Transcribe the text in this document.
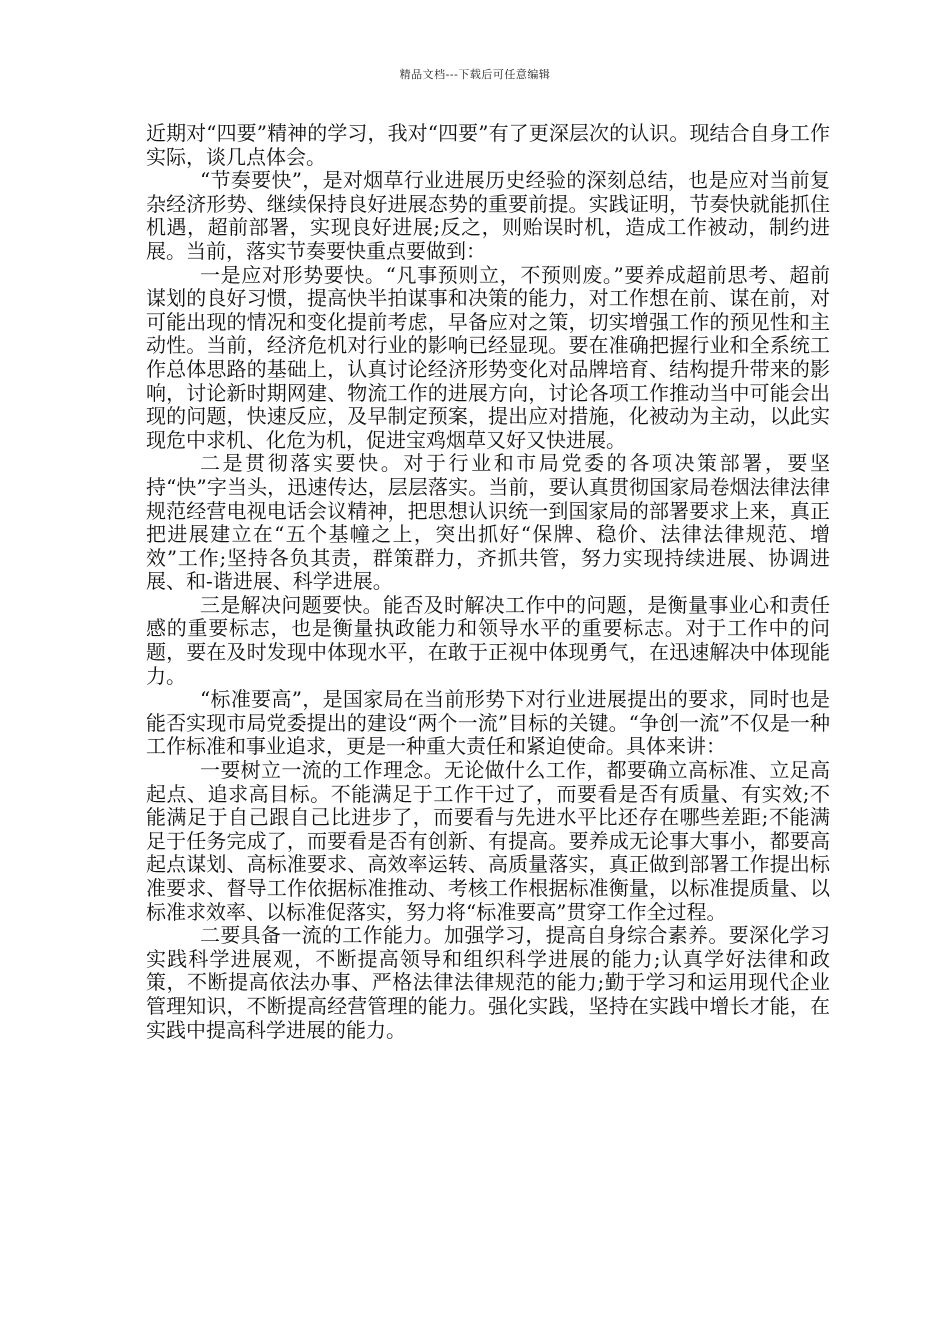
精品文档---下载后可任意编辑

近期对“四要”精神的学习，我对“四要”有了更深层次的认识。现结合自身工作实际，谈几点体会。

“节奏要快”，是对烟草行业进展历史经验的深刻总结，也是应对当前复杂经济形势、继续保持良好进展态势的重要前提。实践证明，节奏快就能抓住机遇，超前部署，实现良好进展;反之，则贻误时机，造成工作被动，制约进展。当前，落实节奏要快重点要做到：

一是应对形势要快。“凡事预则立，不预则废。”要养成超前思考、超前谋划的良好习惯，提高快半拍谋事和决策的能力，对工作想在前、谋在前，对可能出现的情况和变化提前考虑，早备应对之策，切实增强工作的预见性和主动性。当前，经济危机对行业的影响已经显现。要在准确把握行业和全系统工作总体思路的基础上，认真讨论经济形势变化对品牌培育、结构提升带来的影响，讨论新时期网建、物流工作的进展方向，讨论各项工作推动当中可能会出现的问题，快速反应，及早制定预案，提出应对措施，化被动为主动，以此实现危中求机、化危为机，促进宝鸡烟草又好又快进展。

二是贯彻落实要快。对于行业和市局党委的各项决策部署，要坚持“快”字当头，迅速传达，层层落实。当前，要认真贯彻国家局卷烟法律法律规范经营电视电话会议精神，把思想认识统一到国家局的部署要求上来，真正把进展建立在“五个基幢之上，突出抓好“保牌、稳价、法律法律规范、增效”工作;坚持各负其责，群策群力，齐抓共管，努力实现持续进展、协调进展、和-谐进展、科学进展。

三是解决问题要快。能否及时解决工作中的问题，是衡量事业心和责任感的重要标志，也是衡量执政能力和领导水平的重要标志。对于工作中的问题，要在及时发现中体现水平，在敢于正视中体现勇气，在迅速解决中体现能力。

“标准要高”，是国家局在当前形势下对行业进展提出的要求，同时也是能否实现市局党委提出的建设“两个一流”目标的关键。“争创一流”不仅是一种工作标准和事业追求，更是一种重大责任和紧迫使命。具体来讲：

一要树立一流的工作理念。无论做什么工作，都要确立高标准、立足高起点、追求高目标。不能满足于工作干过了，而要看是否有质量、有实效;不能满足于自己跟自己比进步了，而要看与先进水平比还存在哪些差距;不能满足于任务完成了，而要看是否有创新、有提高。要养成无论事大事小，都要高起点谋划、高标准要求、高效率运转、高质量落实，真正做到部署工作提出标准要求、督导工作依据标准推动、考核工作根据标准衡量，以标准提质量、以标准求效率、以标准促落实，努力将“标准要高”贯穿工作全过程。

二要具备一流的工作能力。加强学习，提高自身综合素养。要深化学习实践科学进展观，不断提高领导和组织科学进展的能力;认真学好法律和政策，不断提高依法办事、严格法律法律规范的能力;勤于学习和运用现代企业管理知识，不断提高经营管理的能力。强化实践，坚持在实践中增长才能，在实践中提高科学进展的能力。
